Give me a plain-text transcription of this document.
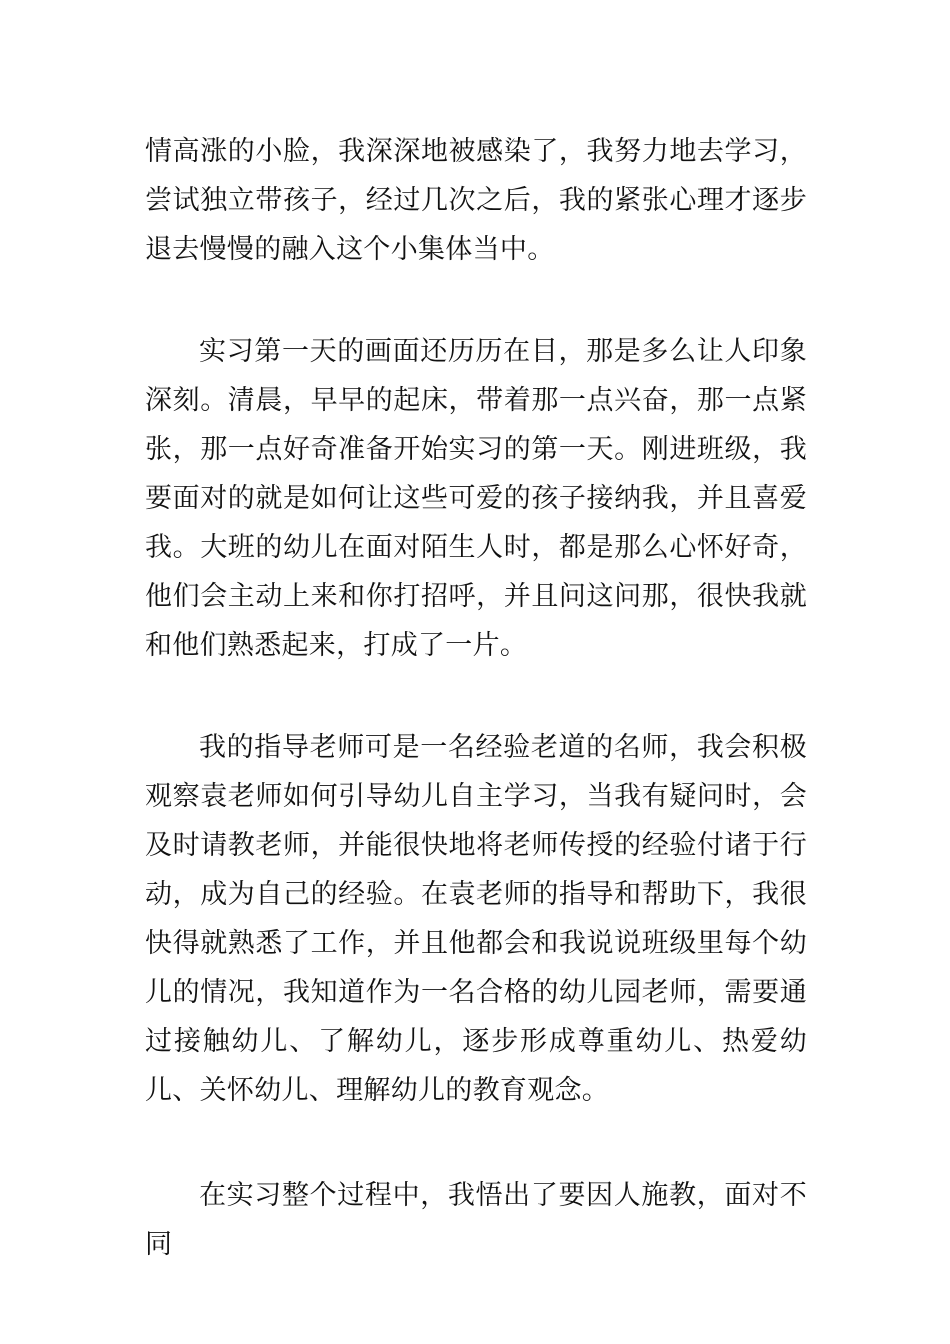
情高涨的小脸，我深深地被感染了，我努力地去学习，尝试独立带孩子，经过几次之后，我的紧张心理才逐步退去慢慢的融入这个小集体当中。

实习第一天的画面还历历在目，那是多么让人印象深刻。清晨，早早的起床，带着那一点兴奋，那一点紧张，那一点好奇准备开始实习的第一天。刚进班级，我要面对的就是如何让这些可爱的孩子接纳我，并且喜爱我。大班的幼儿在面对陌生人时，都是那么心怀好奇，他们会主动上来和你打招呼，并且问这问那，很快我就和他们熟悉起来，打成了一片。

我的指导老师可是一名经验老道的名师，我会积极观察袁老师如何引导幼儿自主学习，当我有疑问时，会及时请教老师，并能很快地将老师传授的经验付诸于行动，成为自己的经验。在袁老师的指导和帮助下，我很快得就熟悉了工作，并且他都会和我说说班级里每个幼儿的情况，我知道作为一名合格的幼儿园老师，需要通过接触幼儿、了解幼儿，逐步形成尊重幼儿、热爱幼儿、关怀幼儿、理解幼儿的教育观念。

在实习整个过程中，我悟出了要因人施教，面对不同
